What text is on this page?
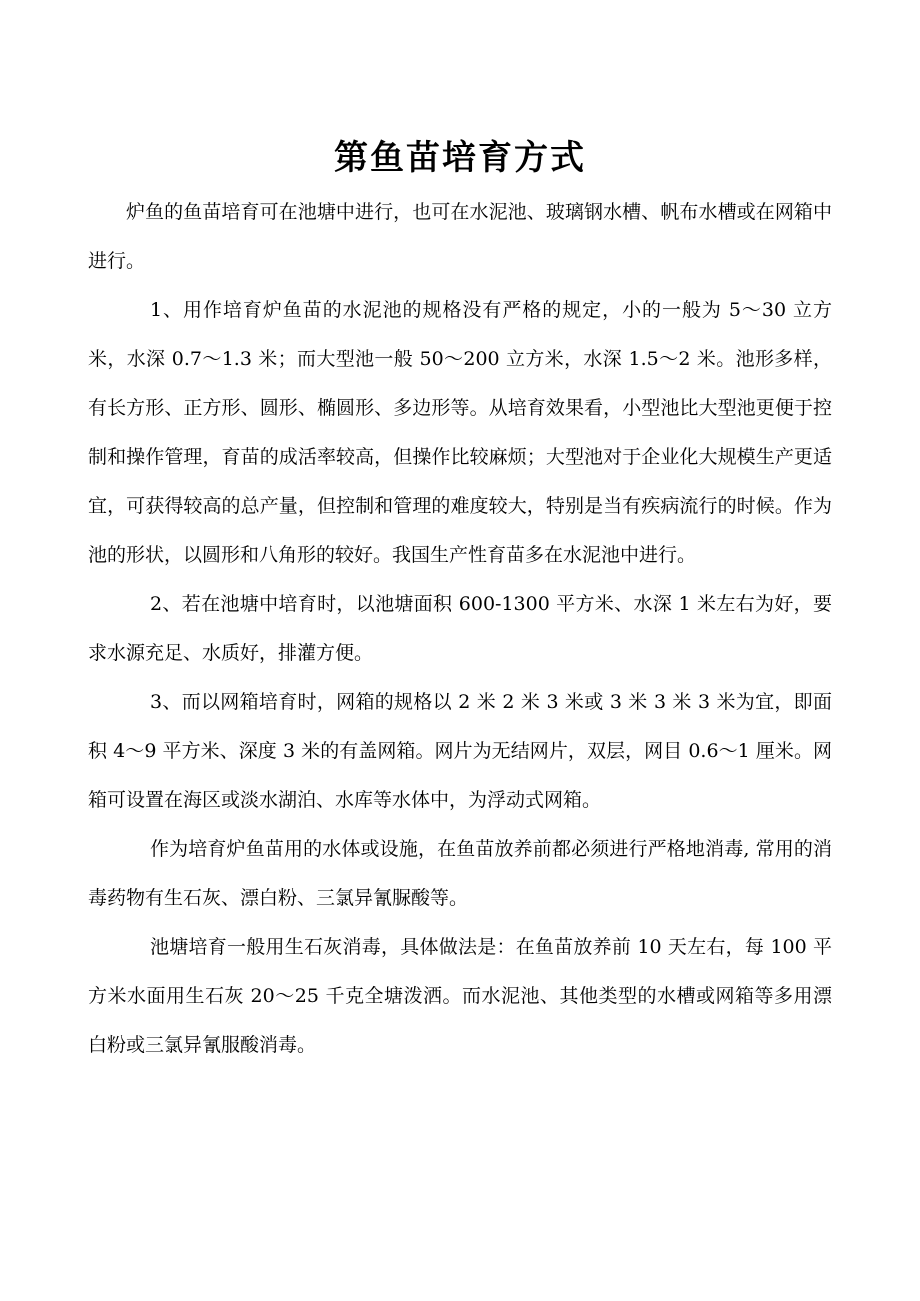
第鱼苗培育方式

炉鱼的鱼苗培育可在池塘中进行，也可在水泥池、玻璃钢水槽、帆布水槽或在网箱中进行。

1、用作培育炉鱼苗的水泥池的规格没有严格的规定，小的一般为 5～30 立方米，水深 0.7～1.3 米；而大型池一般 50～200 立方米，水深 1.5～2 米。池形多样，有长方形、正方形、圆形、椭圆形、多边形等。从培育效果看，小型池比大型池更便于控制和操作管理，育苗的成活率较高，但操作比较麻烦；大型池对于企业化大规模生产更适宜，可获得较高的总产量，但控制和管理的难度较大，特别是当有疾病流行的时候。作为池的形状，以圆形和八角形的较好。我国生产性育苗多在水泥池中进行。

2、若在池塘中培育时，以池塘面积 600-1300 平方米、水深 1 米左右为好，要求水源充足、水质好，排灌方便。

3、而以网箱培育时，网箱的规格以 2 米 2 米 3 米或 3 米 3 米 3 米为宜，即面积 4～9 平方米、深度 3 米的有盖网箱。网片为无结网片，双层，网目 0.6～1 厘米。网箱可设置在海区或淡水湖泊、水库等水体中，为浮动式网箱。

作为培育炉鱼苗用的水体或设施，在鱼苗放养前都必须进行严格地消毒, 常用的消毒药物有生石灰、漂白粉、三氯异氰脲酸等。

池塘培育一般用生石灰消毒，具体做法是：在鱼苗放养前 10 天左右，每 100 平方米水面用生石灰 20～25 千克全塘泼洒。而水泥池、其他类型的水槽或网箱等多用漂白粉或三氯异氰服酸消毒。
